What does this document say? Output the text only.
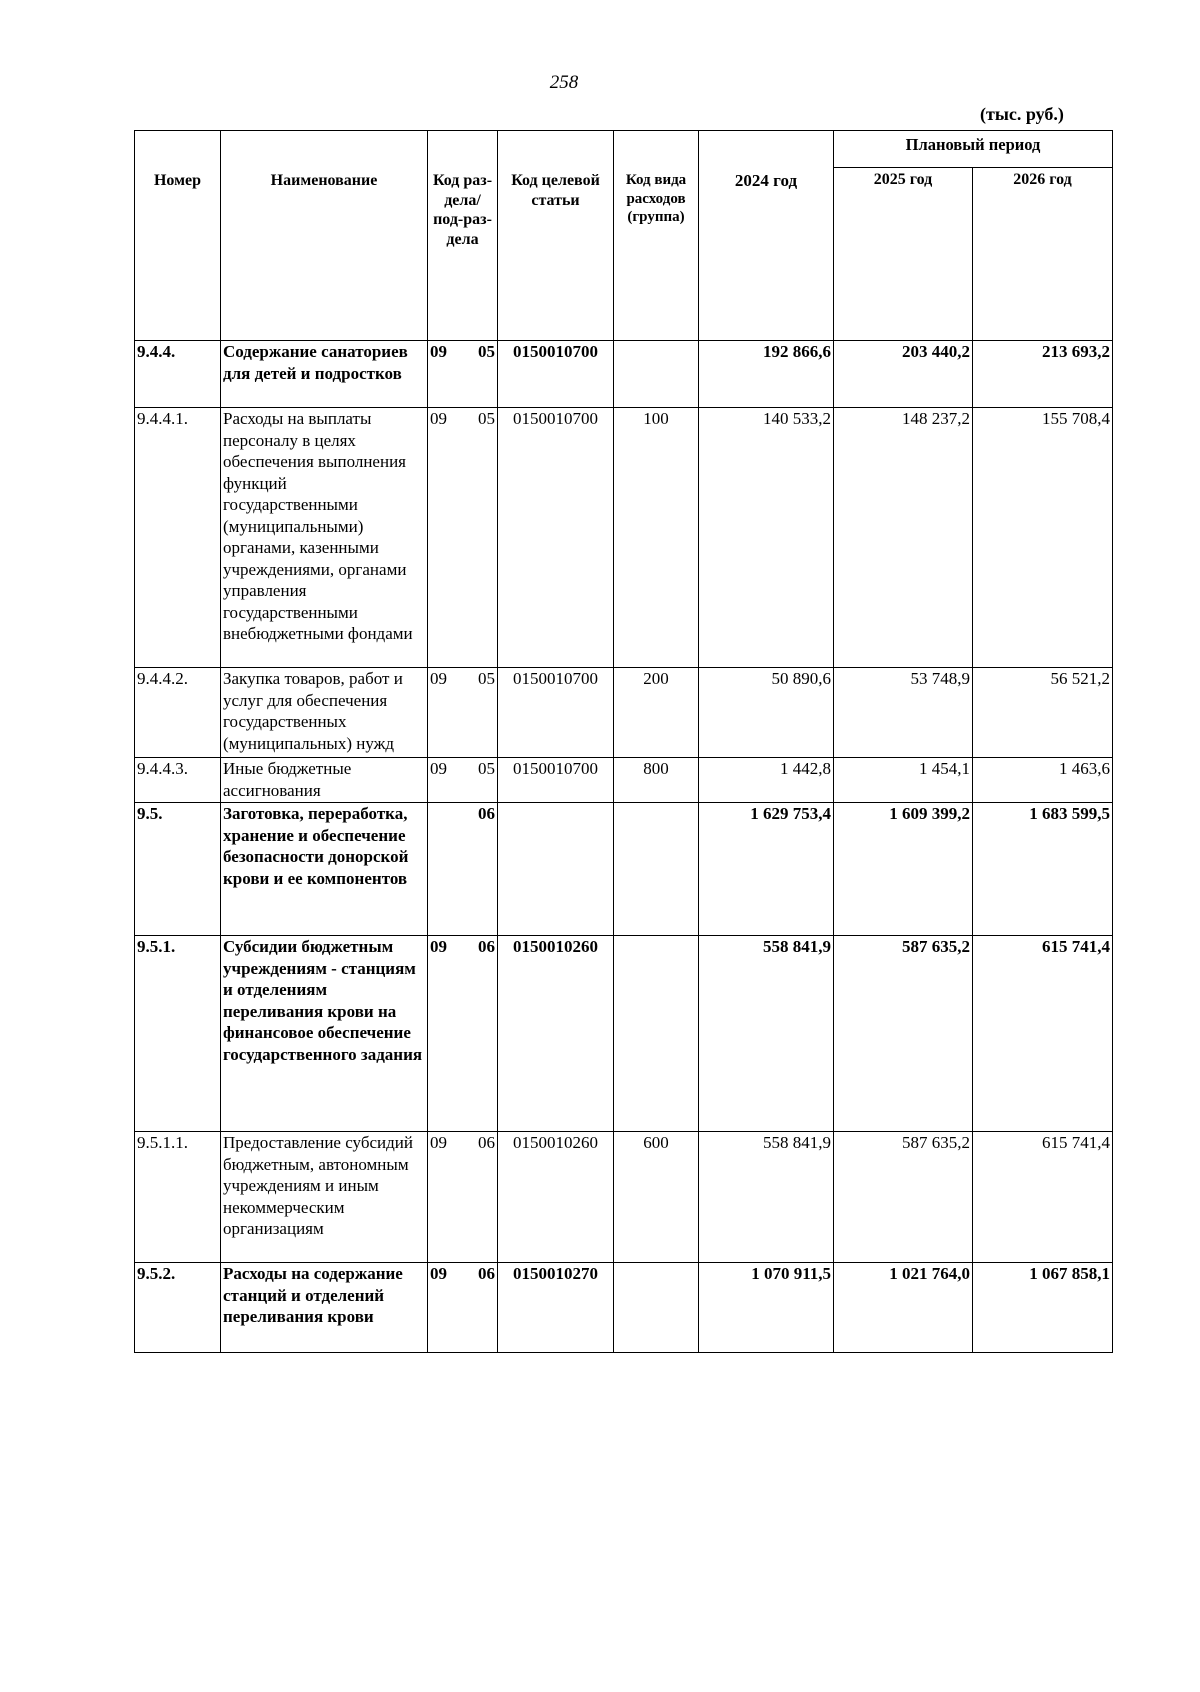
258
(тыс. руб.)
Номер	Наименование	Код раз-дела/ под-раз-дела	Код целевой статьи	Код вида расходов (группа)	2024 год	Плановый период	
						2025 год	2026 год
9.4.4.	Содержание санаториев для детей и подростков	09 05	0150010700		192 866,6	203 440,2	213 693,2
9.4.4.1.	Расходы на выплаты персоналу в целях обеспечения выполнения функций государственными (муниципальными) органами, казенными учреждениями, органами управления государственными внебюджетными фондами	09 05	0150010700	100	140 533,2	148 237,2	155 708,4
9.4.4.2.	Закупка товаров, работ и услуг для обеспечения государственных (муниципальных) нужд	09 05	0150010700	200	50 890,6	53 748,9	56 521,2
9.4.4.3.	Иные бюджетные ассигнования	09 05	0150010700	800	1 442,8	1 454,1	1 463,6
9.5.	Заготовка, переработка, хранение и обеспечение безопасности донорской крови и ее компонентов	06			1 629 753,4	1 609 399,2	1 683 599,5
9.5.1.	Субсидии бюджетным учреждениям - станциям и отделениям переливания крови на финансовое обеспечение государственного задания	09 06	0150010260		558 841,9	587 635,2	615 741,4
9.5.1.1.	Предоставление субсидий бюджетным, автономным учреждениям и иным некоммерческим организациям	09 06	0150010260	600	558 841,9	587 635,2	615 741,4
9.5.2.	Расходы на содержание станций и отделений переливания крови	09 06	0150010270		1 070 911,5	1 021 764,0	1 067 858,1
